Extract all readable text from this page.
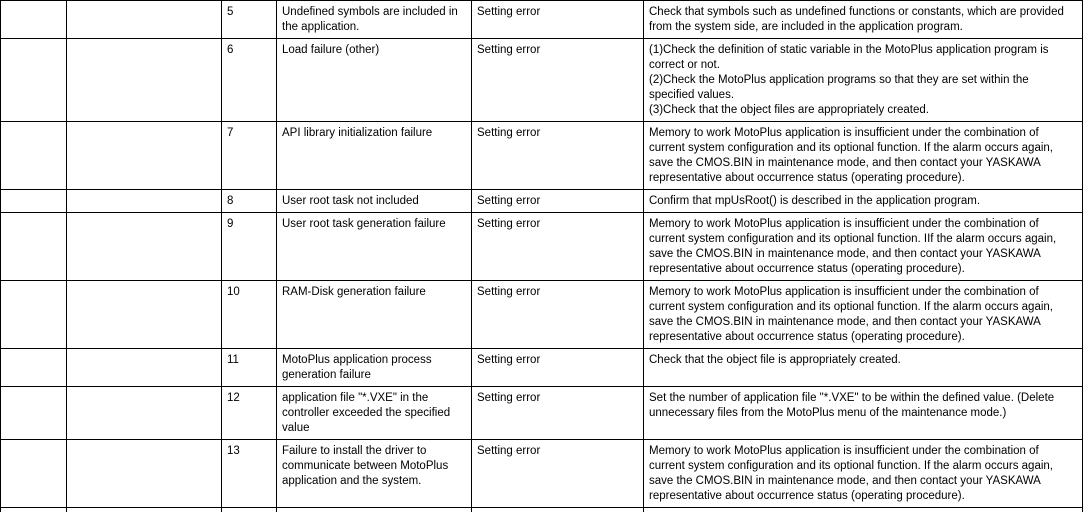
		5	Undefined symbols are included in the application.	Setting error	Check that symbols such as undefined functions or constants, which are provided from the system side, are included in the application program.
		6	Load failure (other)	Setting error	(1)Check the definition of static variable in the MotoPlus application program is correct or not.
(2)Check the MotoPlus application programs so that they are set within the specified values.
(3)Check that the object files are appropriately created.
		7	API library initialization failure	Setting error	Memory to work MotoPlus application is insufficient under the combination of current system configuration and its optional function. If the alarm occurs again, save the CMOS.BIN in maintenance mode, and then contact your YASKAWA representative about occurrence status (operating procedure).
		8	User root task not included	Setting error	Confirm that mpUsRoot() is described in the application program.
		9	User root task generation failure	Setting error	Memory to work MotoPlus application is insufficient under the combination of current system configuration and its optional function. IIf the alarm occurs again, save the CMOS.BIN in maintenance mode, and then contact your YASKAWA representative about occurrence status (operating procedure).
		10	RAM-Disk generation failure	Setting error	Memory to work MotoPlus application is insufficient under the combination of current system configuration and its optional function. If the alarm occurs again, save the CMOS.BIN in maintenance mode, and then contact your YASKAWA representative about occurrence status (operating procedure).
		11	MotoPlus application process generation failure	Setting error	Check that the object file is appropriately created.
		12	application file "*.VXE" in the controller exceeded the specified value	Setting error	Set the number of application file "*.VXE" to be within the defined value. (Delete unnecessary files from the MotoPlus menu of the maintenance mode.)
		13	Failure to install the driver to communicate between MotoPlus application and the system.	Setting error	Memory to work MotoPlus application is insufficient under the combination of current system configuration and its optional function. If the alarm occurs again, save the CMOS.BIN in maintenance mode, and then contact your YASKAWA representative about occurrence status (operating procedure).
